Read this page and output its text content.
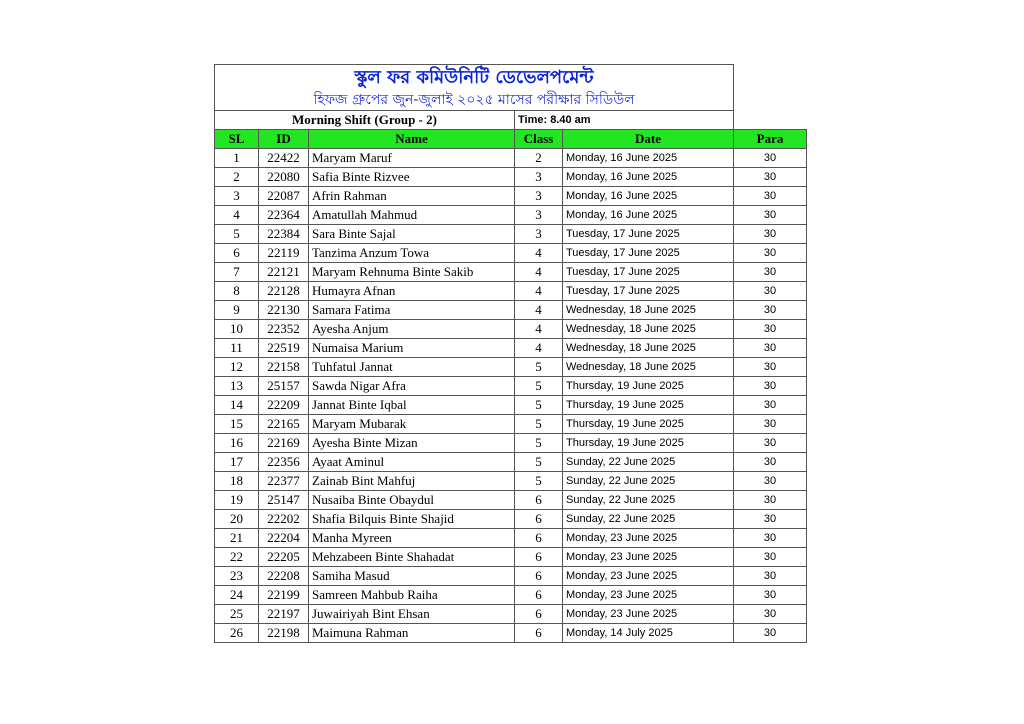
স্কুল ফর কমিউনিটি ডেভেলপমেন্ট					
হিফজ গ্রুপের জুন-জুলাই ২০২৫ মাসের পরীক্ষার সিডিউল					
Morning Shift (Group - 2)			Time: 8.40 am		
SL	ID	Name	Class	Date	Para
1	22422	Maryam Maruf	2	Monday, 16 June 2025	30
2	22080	Safia Binte Rizvee	3	Monday, 16 June 2025	30
3	22087	Afrin Rahman	3	Monday, 16 June 2025	30
4	22364	Amatullah Mahmud	3	Monday, 16 June 2025	30
5	22384	Sara Binte Sajal	3	Tuesday, 17 June 2025	30
6	22119	Tanzima Anzum Towa	4	Tuesday, 17 June 2025	30
7	22121	Maryam Rehnuma Binte Sakib	4	Tuesday, 17 June 2025	30
8	22128	Humayra Afnan	4	Tuesday, 17 June 2025	30
9	22130	Samara Fatima	4	Wednesday, 18 June 2025	30
10	22352	Ayesha Anjum	4	Wednesday, 18 June 2025	30
11	22519	Numaisa Marium	4	Wednesday, 18 June 2025	30
12	22158	Tuhfatul Jannat	5	Wednesday, 18 June 2025	30
13	25157	Sawda Nigar Afra	5	Thursday, 19 June 2025	30
14	22209	Jannat Binte Iqbal	5	Thursday, 19 June 2025	30
15	22165	Maryam Mubarak	5	Thursday, 19 June 2025	30
16	22169	Ayesha Binte Mizan	5	Thursday, 19 June 2025	30
17	22356	Ayaat Aminul	5	Sunday, 22 June 2025	30
18	22377	Zainab Bint Mahfuj	5	Sunday, 22 June 2025	30
19	25147	Nusaiba Binte Obaydul	6	Sunday, 22 June 2025	30
20	22202	Shafia Bilquis Binte Shajid	6	Sunday, 22 June 2025	30
21	22204	Manha Myreen	6	Monday, 23 June 2025	30
22	22205	Mehzabeen Binte Shahadat	6	Monday, 23 June 2025	30
23	22208	Samiha Masud	6	Monday, 23 June 2025	30
24	22199	Samreen Mahbub Raiha	6	Monday, 23 June 2025	30
25	22197	Juwairiyah Bint Ehsan	6	Monday, 23 June 2025	30
26	22198	Maimuna Rahman	6	Monday, 14 July 2025	30
